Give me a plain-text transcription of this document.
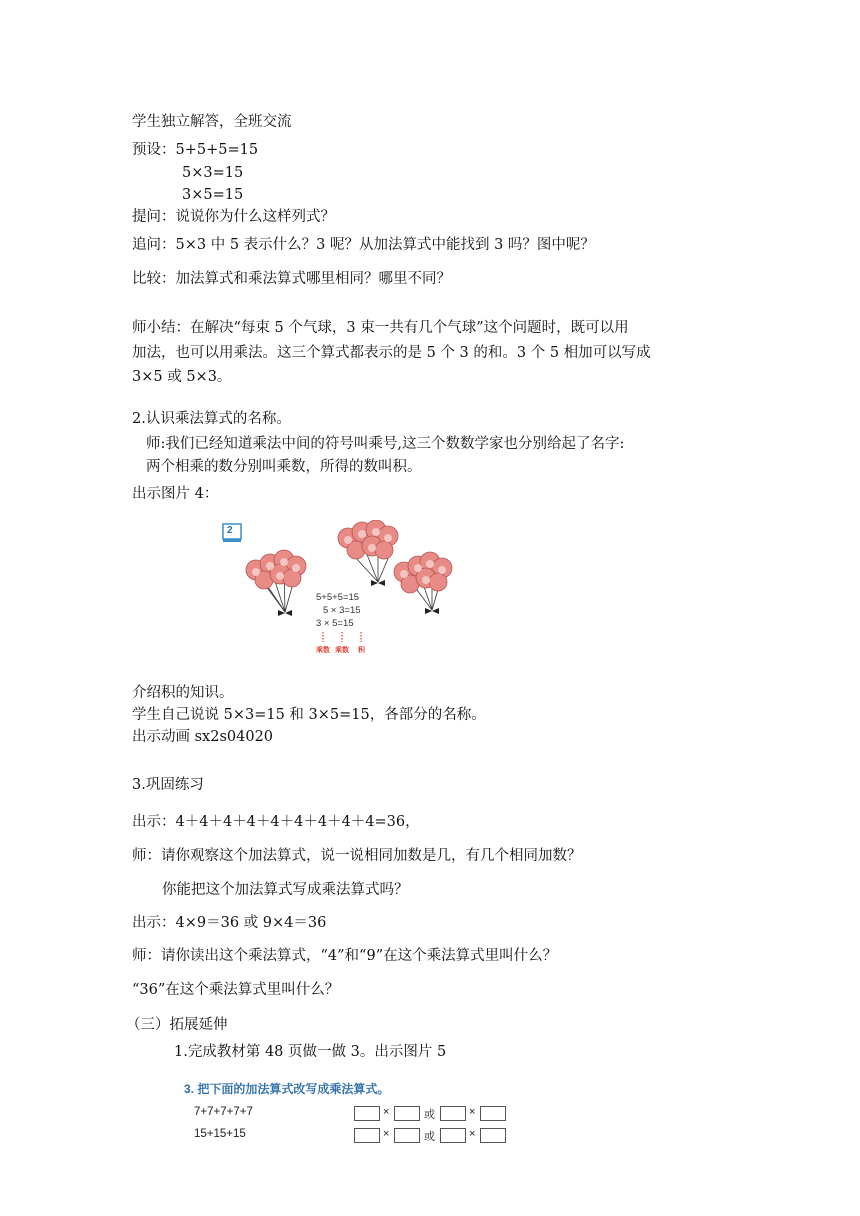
学生独立解答，全班交流
预设：5+5+5=15
5×3=15
3×5=15
提问：说说你为什么这样列式？
追问：5×3 中 5 表示什么？3 呢？从加法算式中能找到 3 吗？图中呢？
比较：加法算式和乘法算式哪里相同？哪里不同？
师小结：在解决“每束 5 个气球，3 束一共有几个气球”这个问题时，既可以用
加法，也可以用乘法。这三个算式都表示的是 5 个 3 的和。3 个 5 相加可以写成
3×5 或 5×3。
2.认识乘法算式的名称。
师:我们已经知道乘法中间的符号叫乘号,这三个数数学家也分别给起了名字:
两个相乘的数分别叫乘数，所得的数叫积。
出示图片 4：
2
5+5+5=15
5 × 3=15
3 × 5=15
乘数 乘数 积
介绍积的知识。
学生自己说说 5×3=15 和 3×5=15，各部分的名称。
出示动画 sx2s04020
3.巩固练习
出示：4＋4＋4＋4＋4＋4＋4＋4＋4=36，
师：请你观察这个加法算式，说一说相同加数是几，有几个相同加数？
你能把这个加法算式写成乘法算式吗？
出示：4×9＝36 或 9×4＝36
师：请你读出这个乘法算式，“4”和“9”在这个乘法算式里叫什么？
“36”在这个乘法算式里叫什么？
（三）拓展延伸
1.完成教材第 48 页做一做 3。出示图片 5
3. 把下面的加法算式改写成乘法算式。
7+7+7+7+7	×	或	×
15+15+15	×	或	×
